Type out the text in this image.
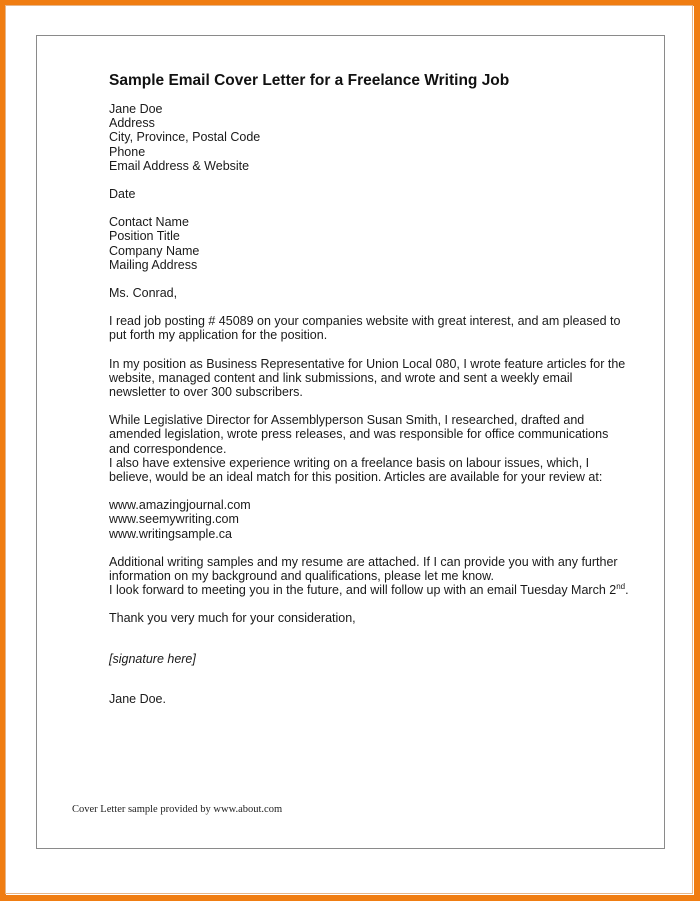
Sample Email Cover Letter for a Freelance Writing Job
Jane Doe
Address
City, Province, Postal Code
Phone
Email Address & Website
Date
Contact Name
Position Title
Company Name
Mailing Address
Ms. Conrad,
I read job posting # 45089 on your companies website with great interest, and am pleased to put forth my application for the position.
In my position as Business Representative for Union Local 080, I wrote feature articles for the website, managed content and link submissions, and wrote and sent a weekly email newsletter to over 300 subscribers.
While Legislative Director for Assemblyperson Susan Smith, I researched, drafted and amended legislation, wrote press releases, and was responsible for office communications and correspondence.
I also have extensive experience writing on a freelance basis on labour issues, which, I believe, would be an ideal match for this position. Articles are available for your review at:
www.amazingjournal.com
www.seemywriting.com
www.writingsample.ca
Additional writing samples and my resume are attached. If I can provide you with any further information on my background and qualifications, please let me know.
I look forward to meeting you in the future, and will follow up with an email Tuesday March 2nd.
Thank you very much for your consideration,
[signature here]
Jane Doe.
Cover Letter sample provided by www.about.com
